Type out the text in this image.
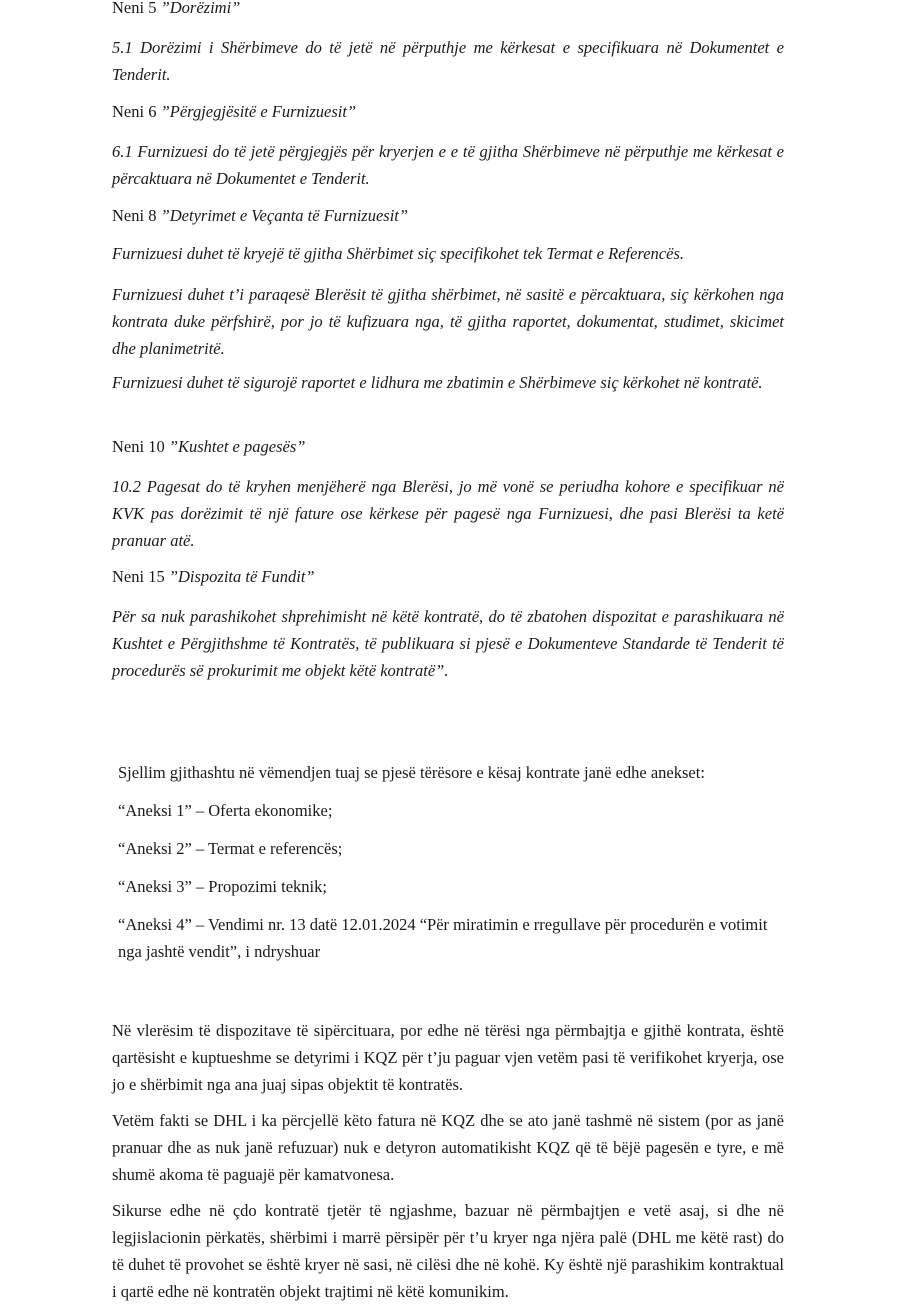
Neni 5 ”Dorëzimi”

5.1 Dorëzimi i Shërbimeve do të jetë në përputhje me kërkesat e specifikuara në Dokumentet e Tenderit.

Neni 6 ”Përgjegjësitë e Furnizuesit”

6.1 Furnizuesi do të jetë përgjegjës për kryerjen e e të gjitha Shërbimeve në përputhje me kërkesat e përcaktuara në Dokumentet e Tenderit.

Neni 8 ”Detyrimet e Veçanta të Furnizuesit”

Furnizuesi duhet të kryejë të gjitha Shërbimet siç specifikohet tek Termat e Referencës.

Furnizuesi duhet t’i paraqesë Blerësit të gjitha shërbimet, në sasitë e përcaktuara, siç kërkohen nga kontrata duke përfshirë, por jo të kufizuara nga, të gjitha raportet, dokumentat, studimet, skicimet dhe planimetritë.

Furnizuesi duhet të sigurojë raportet e lidhura me zbatimin e Shërbimeve siç kërkohet në kontratë.

Neni 10 ”Kushtet e pagesës”

10.2 Pagesat do të kryhen menjëherë nga Blerësi, jo më vonë se periudha kohore e specifikuar në KVK pas dorëzimit të një fature ose kërkese për pagesë nga Furnizuesi, dhe pasi Blerësi ta ketë pranuar atë.

Neni 15 ”Dispozita të Fundit”

Për sa nuk parashikohet shprehimisht në këtë kontratë, do të zbatohen dispozitat e parashikuara në Kushtet e Përgjithshme të Kontratës, të publikuara si pjesë e Dokumenteve Standarde të Tenderit të procedurës së prokurimit me objekt këtë kontratë”.

Sjellim gjithashtu në vëmendjen tuaj se pjesë tërësore e kësaj kontrate janë edhe anekset:

“Aneksi 1” – Oferta ekonomike;

“Aneksi 2” – Termat e referencës;

“Aneksi 3” – Propozimi teknik;

“Aneksi 4” – Vendimi nr. 13 datë 12.01.2024 “Për miratimin e rregullave për procedurën e votimit nga jashtë vendit”, i ndryshuar

Në vlerësim të dispozitave të sipërcituara, por edhe në tërësi nga përmbajtja e gjithë kontrata, është qartësisht e kuptueshme se detyrimi i KQZ për t’ju paguar vjen vetëm pasi të verifikohet kryerja, ose jo e shërbimit nga ana juaj sipas objektit të kontratës.

Vetëm fakti se DHL i ka përcjellë këto fatura në KQZ dhe se ato janë tashmë në sistem (por as janë pranuar dhe as nuk janë refuzuar) nuk e detyron automatikisht KQZ që të bëjë pagesën e tyre, e më shumë akoma të paguajë për kamatvonesa.

Sikurse edhe në çdo kontratë tjetër të ngjashme, bazuar në përmbajtjen e vetë asaj, si dhe në legjislacionin përkatës, shërbimi i marrë përsipër për t’u kryer nga njëra palë (DHL me këtë rast) do të duhet të provohet se është kryer në sasi, në cilësi dhe në kohë. Ky është një parashikim kontraktual i qartë edhe në kontratën objekt trajtimi në këtë komunikim.
